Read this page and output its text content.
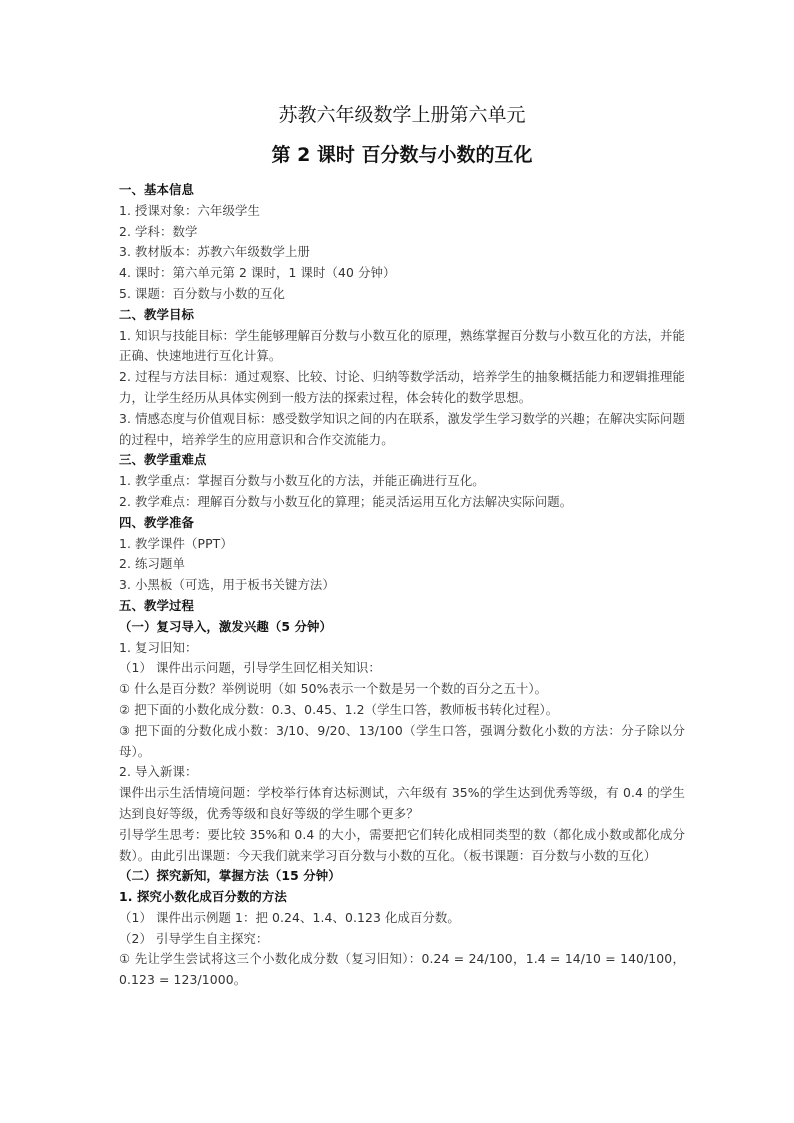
苏教六年级数学上册第六单元
第 2 课时 百分数与小数的互化

一、基本信息

1. 授课对象：六年级学生

2. 学科：数学

3. 教材版本：苏教六年级数学上册

4. 课时：第六单元第 2 课时，1 课时（40 分钟）

5. 课题：百分数与小数的互化

二、教学目标

1. 知识与技能目标：学生能够理解百分数与小数互化的原理，熟练掌握百分数与小数互化的方法，并能正确、快速地进行互化计算。

2. 过程与方法目标：通过观察、比较、讨论、归纳等数学活动，培养学生的抽象概括能力和逻辑推理能力，让学生经历从具体实例到一般方法的探索过程，体会转化的数学思想。

3. 情感态度与价值观目标：感受数学知识之间的内在联系，激发学生学习数学的兴趣；在解决实际问题的过程中，培养学生的应用意识和合作交流能力。

三、教学重难点

1. 教学重点：掌握百分数与小数互化的方法，并能正确进行互化。

2. 教学难点：理解百分数与小数互化的算理；能灵活运用互化方法解决实际问题。

四、教学准备

1. 教学课件（PPT）

2. 练习题单

3. 小黑板（可选，用于板书关键方法）

五、教学过程

（一）复习导入，激发兴趣（5 分钟）

1. 复习旧知：

（1） 课件出示问题，引导学生回忆相关知识：

① 什么是百分数？举例说明（如 50%表示一个数是另一个数的百分之五十）。

② 把下面的小数化成分数：0.3、0.45、1.2（学生口答，教师板书转化过程）。

③ 把下面的分数化成小数：3/10、9/20、13/100（学生口答，强调分数化小数的方法：分子除以分母）。

2. 导入新课：

课件出示生活情境问题：学校举行体育达标测试，六年级有 35%的学生达到优秀等级，有 0.4 的学生达到良好等级，优秀等级和良好等级的学生哪个更多？

引导学生思考：要比较 35%和 0.4 的大小，需要把它们转化成相同类型的数（都化成小数或都化成分数）。由此引出课题：今天我们就来学习百分数与小数的互化。（板书课题：百分数与小数的互化）

（二）探究新知，掌握方法（15 分钟）

1. 探究小数化成百分数的方法

（1） 课件出示例题 1：把 0.24、1.4、0.123 化成百分数。

（2） 引导学生自主探究：

① 先让学生尝试将这三个小数化成分数（复习旧知）：0.24 = 24/100，1.4 = 14/10 = 140/100，0.123 = 123/1000。
